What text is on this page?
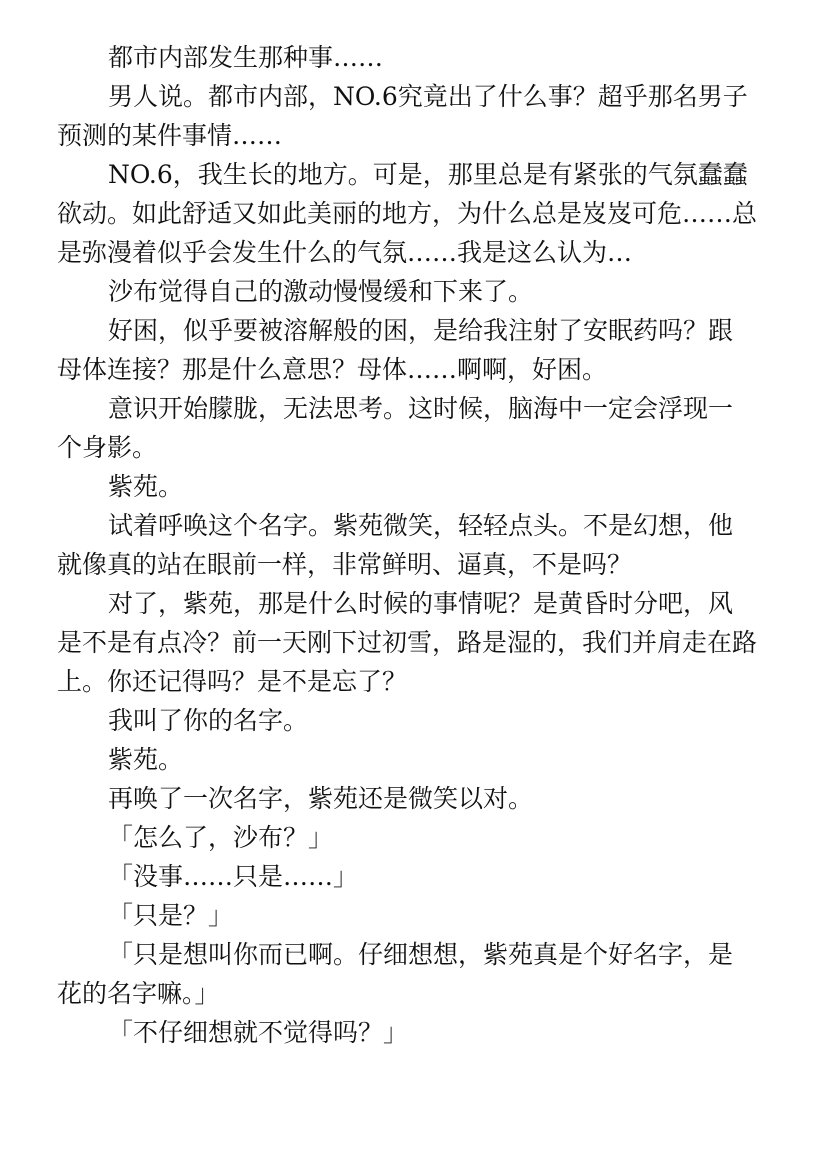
都市内部发生那种事……

男人说。都市内部，NO.6究竟出了什么事？超乎那名男子预测的某件事情……

NO.6，我生长的地方。可是，那里总是有紧张的气氛蠢蠢欲动。如此舒适又如此美丽的地方，为什么总是岌岌可危……总是弥漫着似乎会发生什么的气氛……我是这么认为…

沙布觉得自己的激动慢慢缓和下来了。

好困，似乎要被溶解般的困，是给我注射了安眠药吗？跟母体连接？那是什么意思？母体……啊啊，好困。

意识开始朦胧，无法思考。这时候，脑海中一定会浮现一个身影。

紫苑。

试着呼唤这个名字。紫苑微笑，轻轻点头。不是幻想，他就像真的站在眼前一样，非常鲜明、逼真，不是吗？

对了，紫苑，那是什么时候的事情呢？是黄昏时分吧，风是不是有点冷？前一天刚下过初雪，路是湿的，我们并肩走在路上。你还记得吗？是不是忘了？

我叫了你的名字。

紫苑。

再唤了一次名字，紫苑还是微笑以对。

「怎么了，沙布？」

「没事……只是……」

「只是？」

「只是想叫你而已啊。仔细想想，紫苑真是个好名字，是花的名字嘛。」

「不仔细想就不觉得吗？」
